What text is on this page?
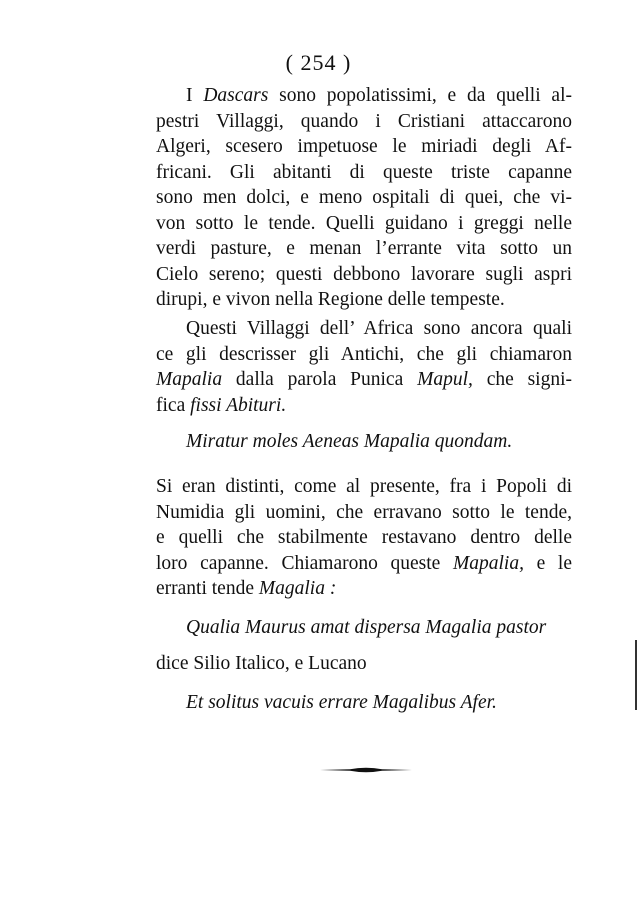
( 254 )
I Dascars sono popolatissimi, e da quelli al-
pestri Villaggi, quando i Cristiani attaccarono
Algeri, scesero impetuose le miriadi degli Af-
fricani. Gli abitanti di queste triste capanne
sono men dolci, e meno ospitali di quei, che vi-
von sotto le tende. Quelli guidano i greggi nelle
verdi pasture, e menan l’errante vita sotto un
Cielo sereno; questi debbono lavorare sugli aspri
dirupi, e vivon nella Regione delle tempeste.
Questi Villaggi dell’ Africa sono ancora quali
ce gli descrisser gli Antichi, che gli chiamaron
Mapalia dalla parola Punica Mapul, che signi-
fica fissi Abituri.
Miratur moles Aeneas Mapalia quondam.
Si eran distinti, come al presente, fra i Popoli di
Numidia gli uomini, che erravano sotto le tende,
e quelli che stabilmente restavano dentro delle
loro capanne. Chiamarono queste Mapalia, e le
erranti tende Magalia :
Qualia Maurus amat dispersa Magalia pastor
dice Silio Italico, e Lucano
Et solitus vacuis errare Magalibus Afer.
